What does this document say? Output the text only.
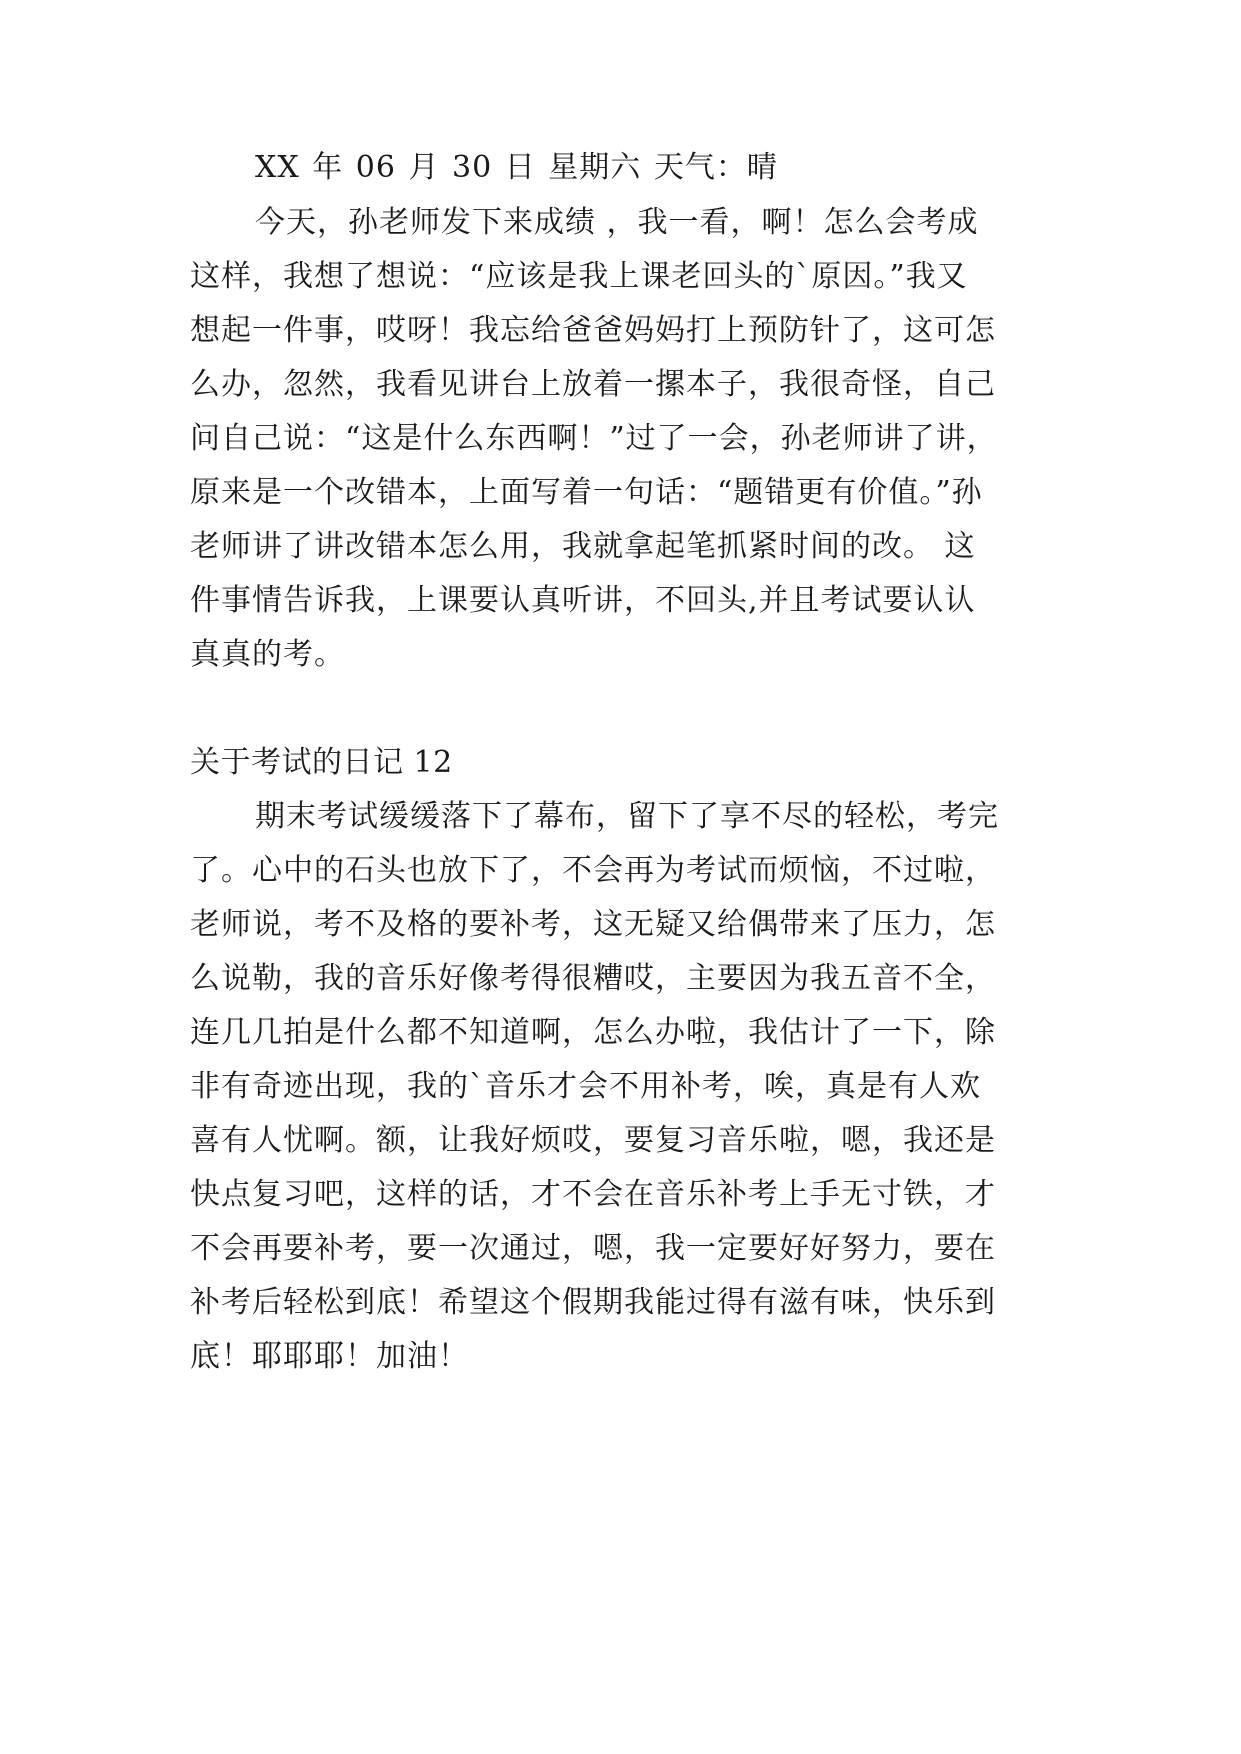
XX 年 06 月 30 日 星期六 天气：晴
今天，孙老师发下来成绩 ，我一看，啊！怎么会考成
这样，我想了想说：“应该是我上课老回头的`原因。”我又
想起一件事，哎呀！我忘给爸爸妈妈打上预防针了，这可怎
么办，忽然，我看见讲台上放着一摞本子，我很奇怪，自己
问自己说：“这是什么东西啊！”过了一会，孙老师讲了讲，
原来是一个改错本，上面写着一句话：“题错更有价值。”孙
老师讲了讲改错本怎么用，我就拿起笔抓紧时间的改。 这
件事情告诉我，上课要认真听讲，不回头,并且考试要认认
真真的考。
关于考试的日记 12
期末考试缓缓落下了幕布，留下了享不尽的轻松，考完
了。心中的石头也放下了，不会再为考试而烦恼，不过啦，
老师说，考不及格的要补考，这无疑又给偶带来了压力，怎
么说勒，我的音乐好像考得很糟哎，主要因为我五音不全，
连几几拍是什么都不知道啊，怎么办啦，我估计了一下，除
非有奇迹出现，我的`音乐才会不用补考，唉，真是有人欢
喜有人忧啊。额，让我好烦哎，要复习音乐啦，嗯，我还是
快点复习吧，这样的话，才不会在音乐补考上手无寸铁，才
不会再要补考，要一次通过，嗯，我一定要好好努力，要在
补考后轻松到底！希望这个假期我能过得有滋有味，快乐到
底！耶耶耶！加油！
